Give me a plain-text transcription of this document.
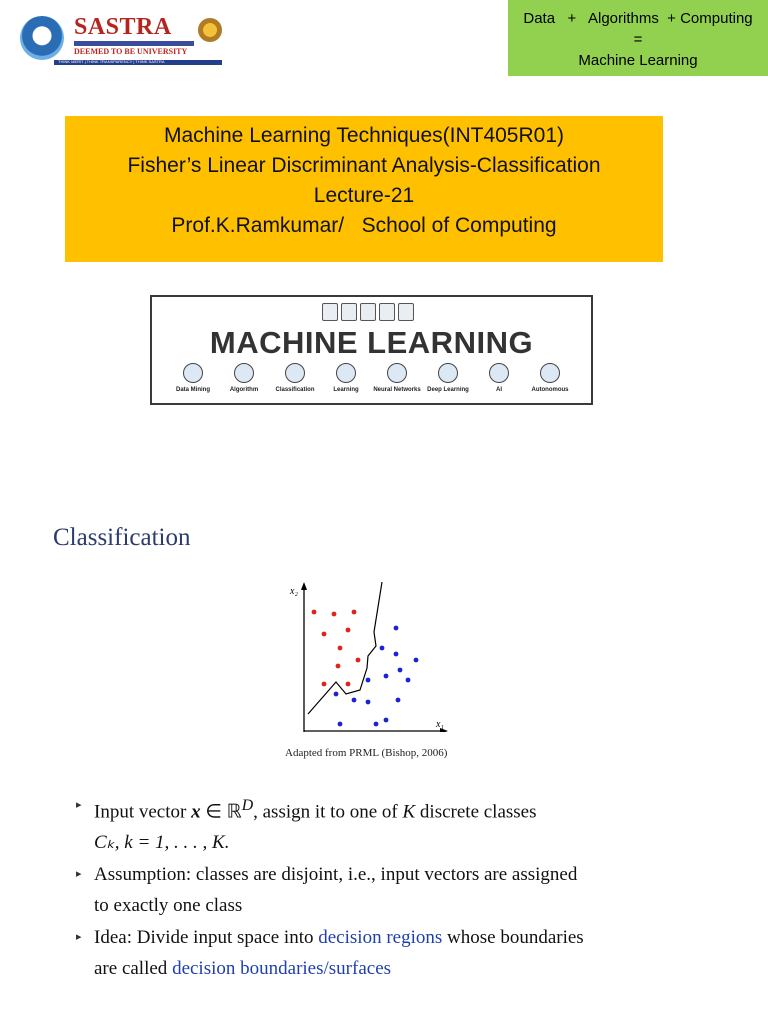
SASTRA
DEEMED TO BE UNIVERSITY
THINK MERIT | THINK TRANSPARENCY | THINK SASTRA
Data   +   Algorithms  + Computing
=
Machine Learning
Machine Learning Techniques(INT405R01)
Fisher’s Linear Discriminant Analysis-Classification
Lecture-21
Prof.K.Ramkumar/   School of Computing
MACHINE LEARNING
Data Mining	Algorithm	Classification	Learning Neural Networks Deep Learning	AI	Autonomous
Classification
x₂
x₁
Adapted from PRML (Bishop, 2006)
▸ Input vector x ∈ ℝ$^D$, assign it to one of K discrete classes
Cₖ, k = 1, . . . , K.
▸ Assumption: classes are disjoint, i.e., input vectors are assigned
to exactly one class
▸ Idea: Divide input space into decision regions whose boundaries
are called decision boundaries/surfaces
